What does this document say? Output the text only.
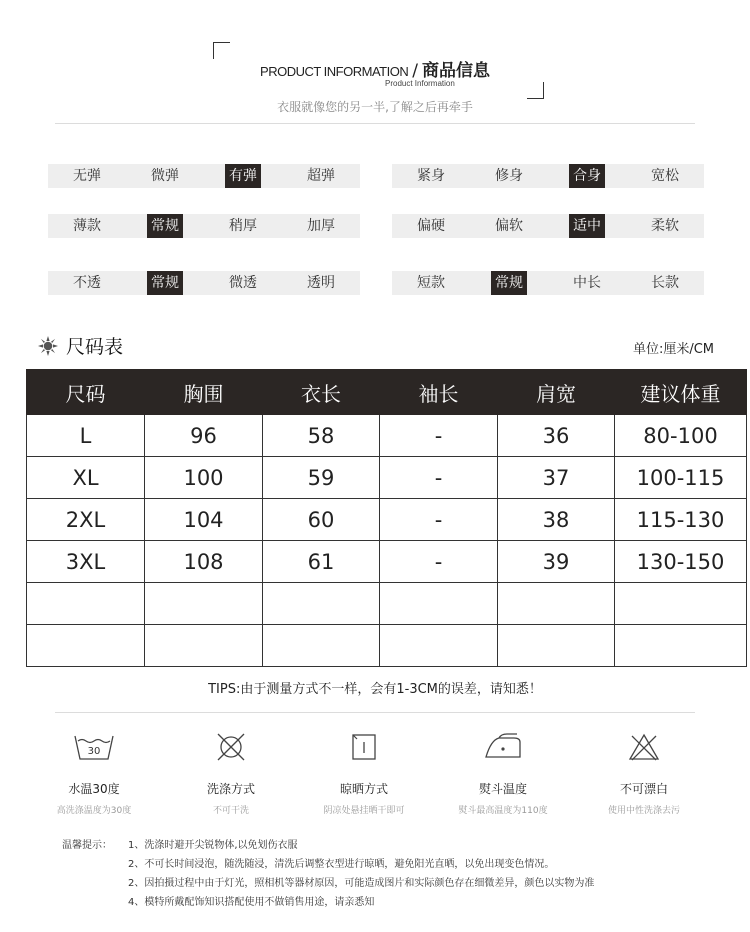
PRODUCT INFORMATION / 商品信息
Product Information
衣服就像您的另一半,了解之后再牵手
无弹	微弹	有弹	超弹	紧身	修身	合身	宽松
薄款	常规	稍厚	加厚	偏硬	偏软	适中	柔软
不透	常规	微透	透明	短款	常规	中长	长款
尺码表	单位:厘米/CM
尺码	胸围	衣长	袖长	肩宽	建议体重
L	96	58	-	36	80-100
XL	100	59	-	37	100-115
2XL	104	60	-	38	115-130
3XL	108	61	-	39	130-150

TIPS:由于测量方式不一样，会有1-3CM的误差，请知悉！
30
水温30度
高洗涤温度为30度
洗涤方式
不可干洗
晾晒方式
阴凉处悬挂晒干即可
熨斗温度
熨斗最高温度为110度
不可漂白
使用中性洗涤去污
温馨提示：	1、洗涤时避开尖锐物体,以免划伤衣服
2、不可长时间浸泡，随洗随浸，清洗后调整衣型进行晾晒，避免阳光直晒，以免出现变色情况。
2、因拍摄过程中由于灯光，照相机等器材原因，可能造成图片和实际颜色存在细微差异，颜色以实物为准
4、模特所戴配饰知识搭配使用不做销售用途，请亲悉知
